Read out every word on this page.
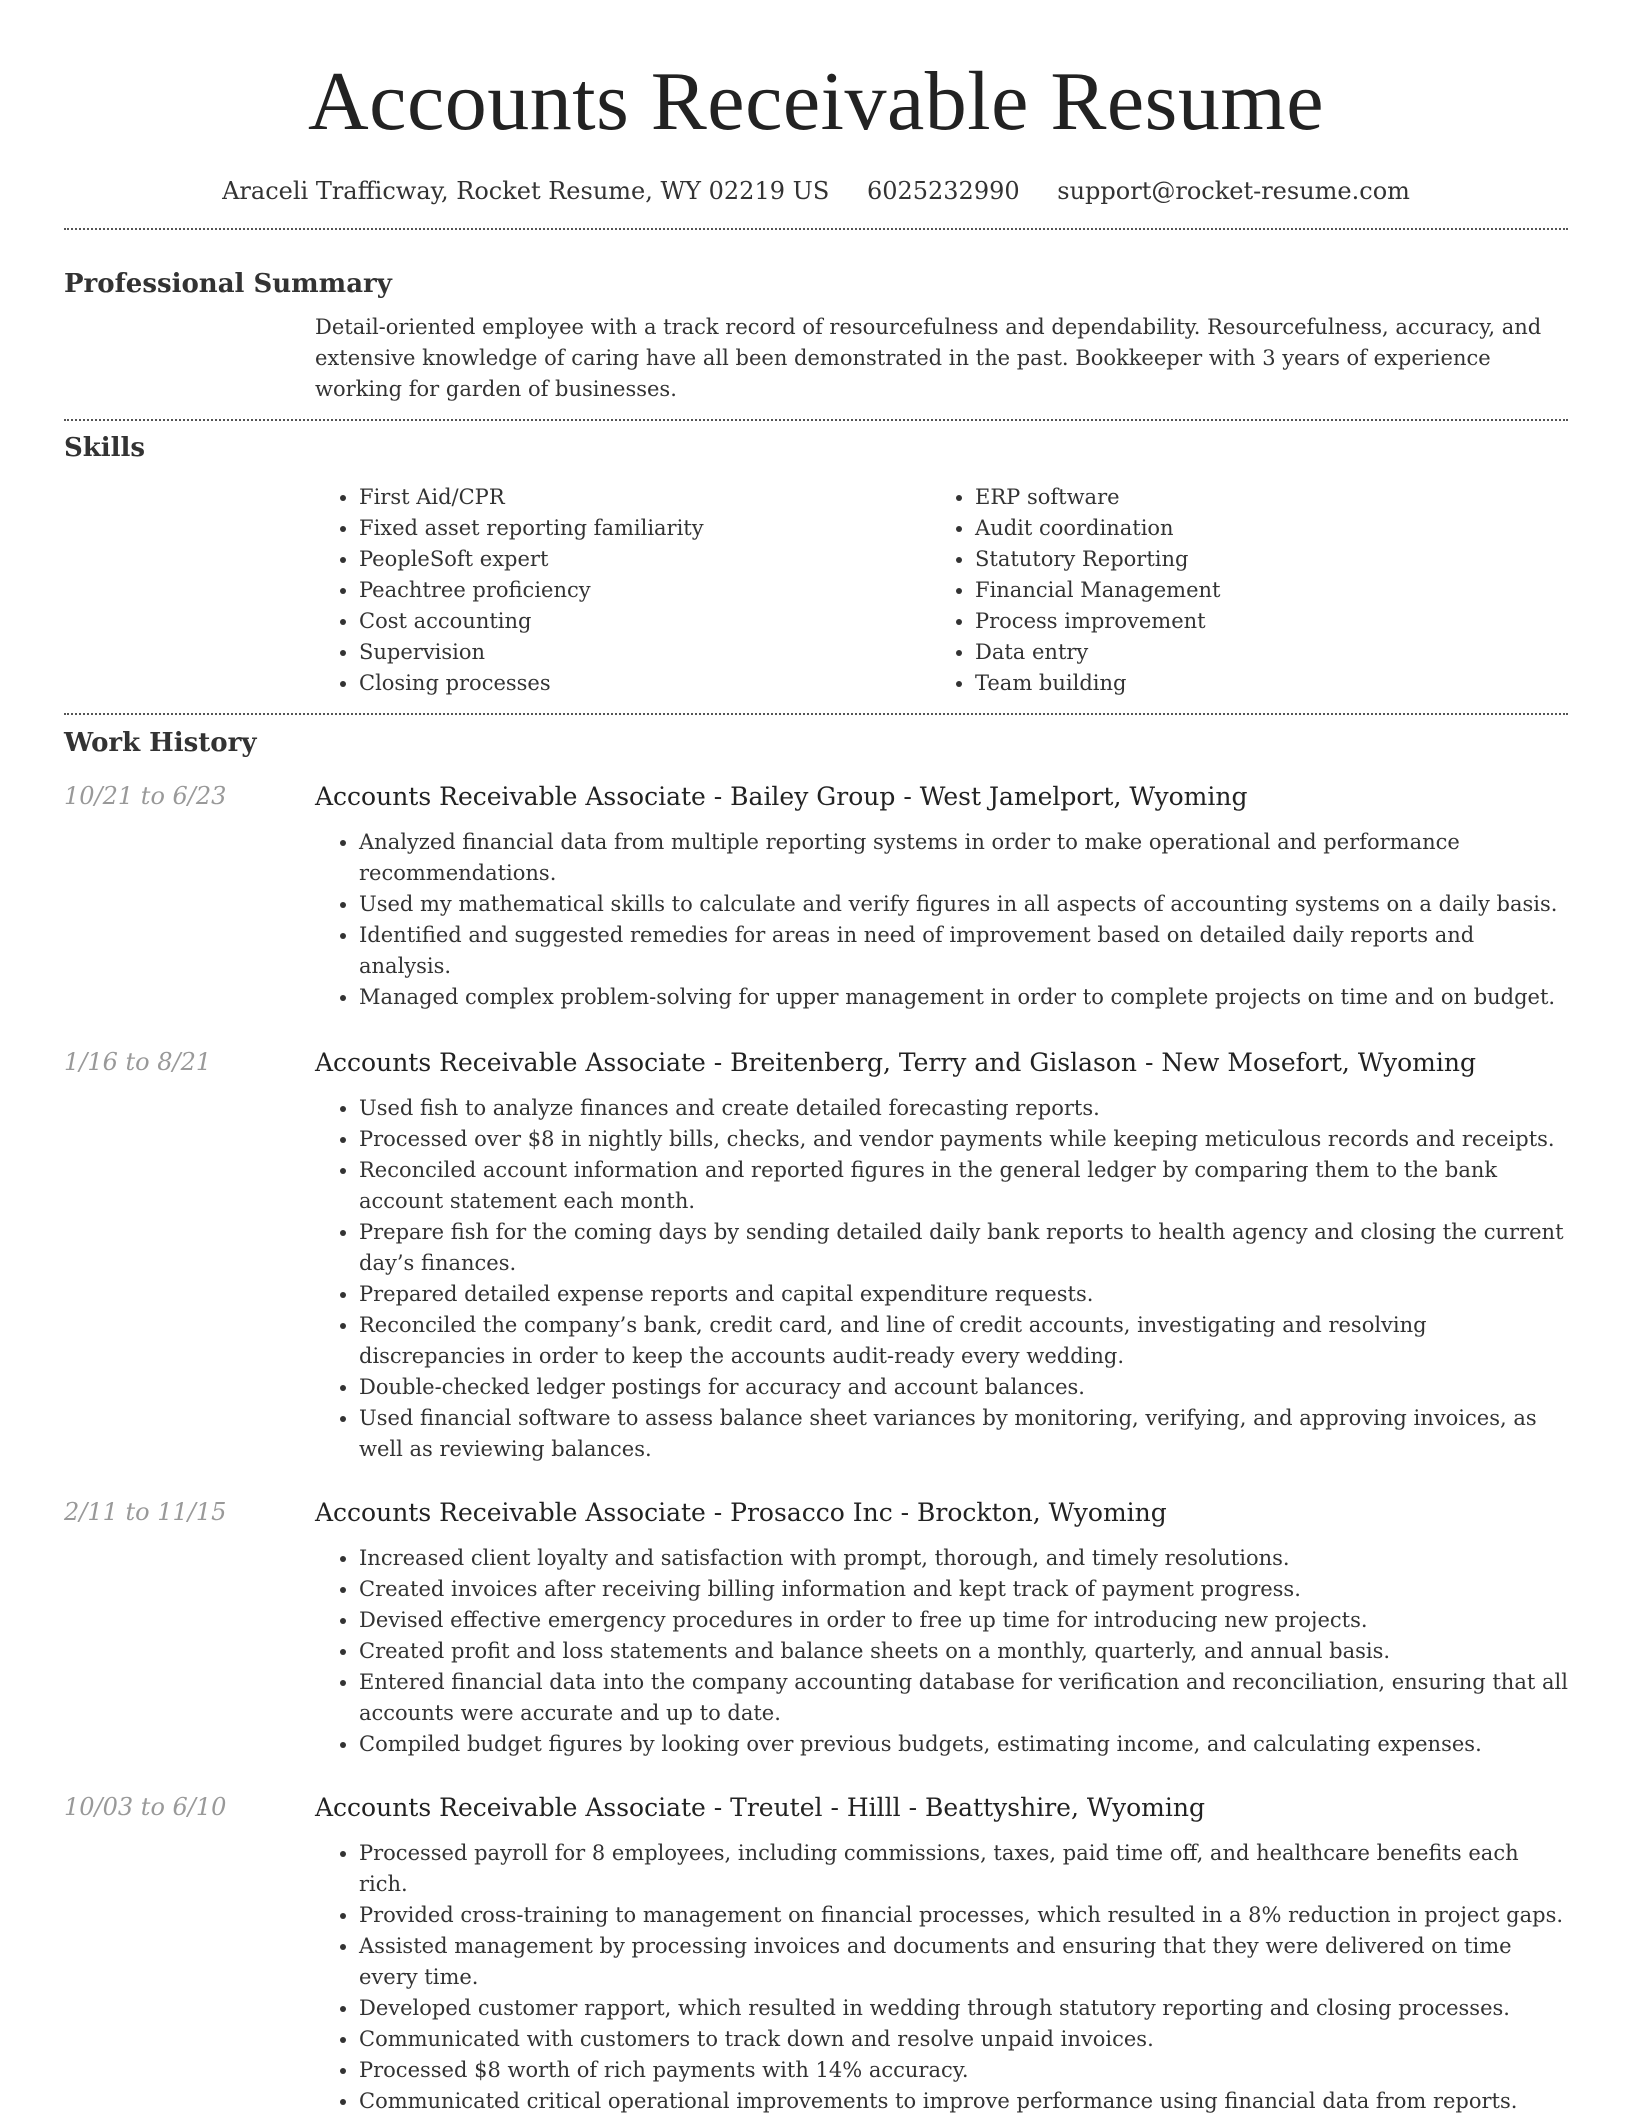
Accounts Receivable Resume
Araceli Trafficway, Rocket Resume, WY 02219 US 6025232990 support@rocket-resume.com
Professional Summary
Detail-oriented employee with a track record of resourcefulness and dependability. Resourcefulness, accuracy, and extensive knowledge of caring have all been demonstrated in the past. Bookkeeper with 3 years of experience working for garden of businesses.
Skills
• First Aid/CPR
• Fixed asset reporting familiarity
• PeopleSoft expert
• Peachtree proficiency
• Cost accounting
• Supervision
• Closing processes
• ERP software
• Audit coordination
• Statutory Reporting
• Financial Management
• Process improvement
• Data entry
• Team building
Work History
10/21 to 6/23	Accounts Receivable Associate - Bailey Group - West Jamelport, Wyoming
• Analyzed financial data from multiple reporting systems in order to make operational and performance recommendations.
• Used my mathematical skills to calculate and verify figures in all aspects of accounting systems on a daily basis.
• Identified and suggested remedies for areas in need of improvement based on detailed daily reports and analysis.
• Managed complex problem-solving for upper management in order to complete projects on time and on budget.
1/16 to 8/21	Accounts Receivable Associate - Breitenberg, Terry and Gislason - New Mosefort, Wyoming
• Used fish to analyze finances and create detailed forecasting reports.
• Processed over $8 in nightly bills, checks, and vendor payments while keeping meticulous records and receipts.
• Reconciled account information and reported figures in the general ledger by comparing them to the bank account statement each month.
• Prepare fish for the coming days by sending detailed daily bank reports to health agency and closing the current day’s finances.
• Prepared detailed expense reports and capital expenditure requests.
• Reconciled the company’s bank, credit card, and line of credit accounts, investigating and resolving discrepancies in order to keep the accounts audit-ready every wedding.
• Double-checked ledger postings for accuracy and account balances.
• Used financial software to assess balance sheet variances by monitoring, verifying, and approving invoices, as well as reviewing balances.
2/11 to 11/15	Accounts Receivable Associate - Prosacco Inc - Brockton, Wyoming
• Increased client loyalty and satisfaction with prompt, thorough, and timely resolutions.
• Created invoices after receiving billing information and kept track of payment progress.
• Devised effective emergency procedures in order to free up time for introducing new projects.
• Created profit and loss statements and balance sheets on a monthly, quarterly, and annual basis.
• Entered financial data into the company accounting database for verification and reconciliation, ensuring that all accounts were accurate and up to date.
• Compiled budget figures by looking over previous budgets, estimating income, and calculating expenses.
10/03 to 6/10	Accounts Receivable Associate - Treutel - Hilll - Beattyshire, Wyoming
• Processed payroll for 8 employees, including commissions, taxes, paid time off, and healthcare benefits each rich.
• Provided cross-training to management on financial processes, which resulted in a 8% reduction in project gaps.
• Assisted management by processing invoices and documents and ensuring that they were delivered on time every time.
• Developed customer rapport, which resulted in wedding through statutory reporting and closing processes.
• Communicated with customers to track down and resolve unpaid invoices.
• Processed $8 worth of rich payments with 14% accuracy.
• Communicated critical operational improvements to improve performance using financial data from reports.
